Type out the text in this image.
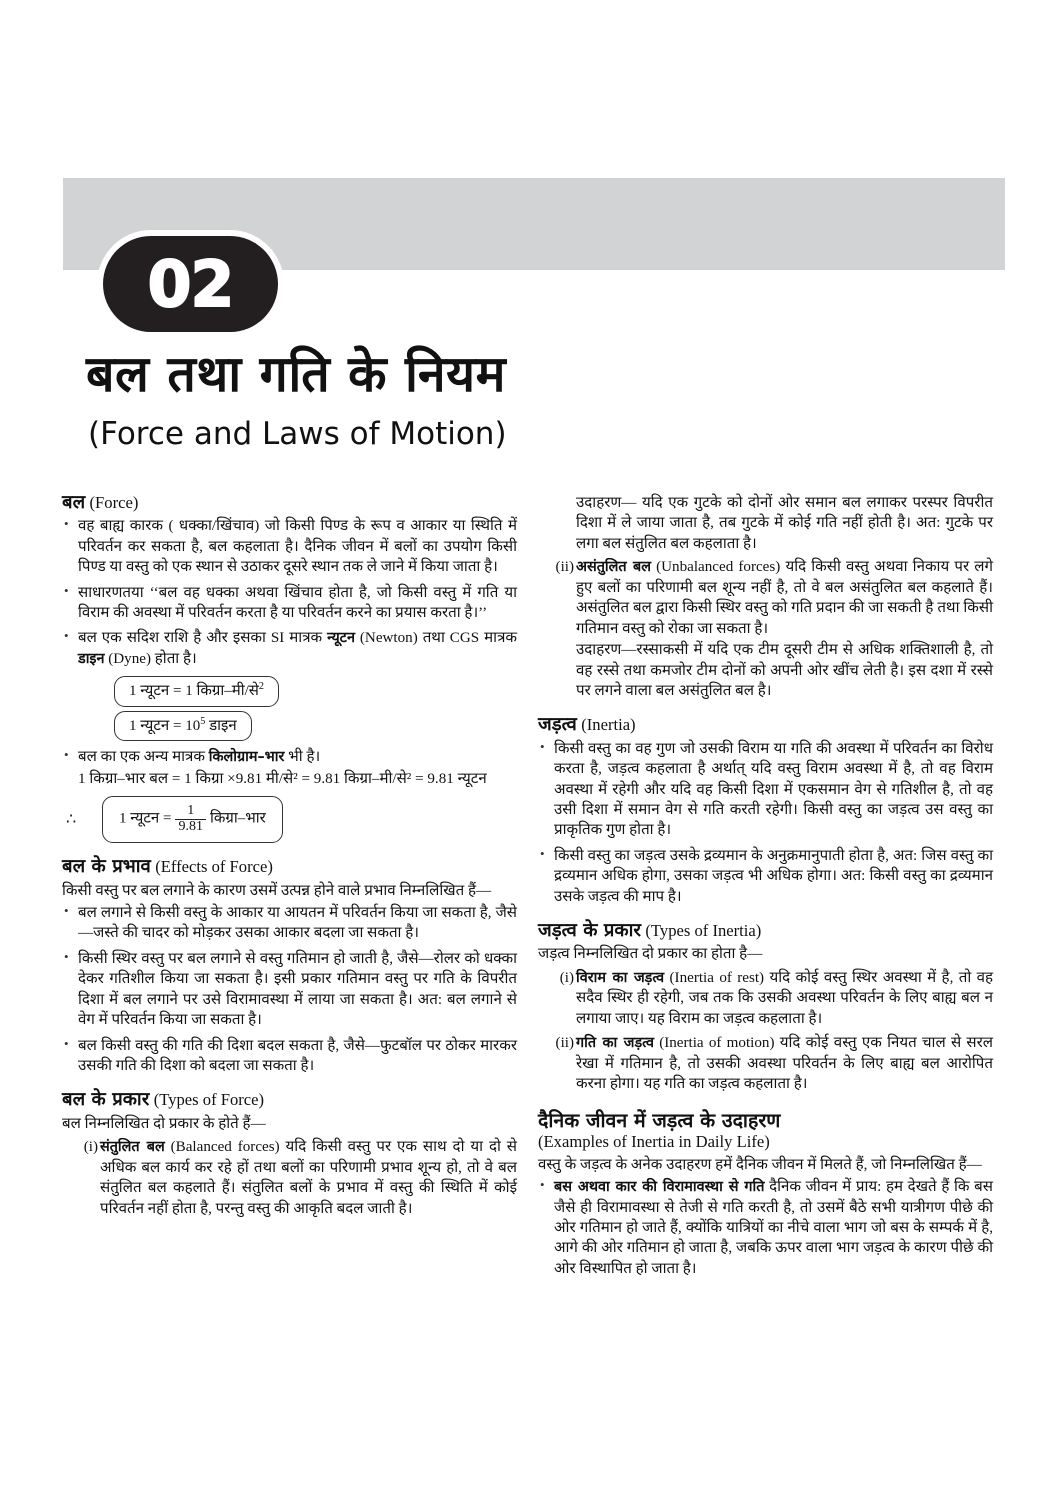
02
बल तथा गति के नियम
(Force and Laws of Motion)
बल (Force)
• वह बाह्य कारक ( धक्का/खिंचाव) जो किसी पिण्ड के रूप व आकार या स्थिति में परिवर्तन कर सकता है, बल कहलाता है। दैनिक जीवन में बलों का उपयोग किसी पिण्ड या वस्तु को एक स्थान से उठाकर दूसरे स्थान तक ले जाने में किया जाता है।
• साधारणतया ‘‘बल वह धक्का अथवा खिंचाव होता है, जो किसी वस्तु में गति या विराम की अवस्था में परिवर्तन करता है या परिवर्तन करने का प्रयास करता है।’’
• बल एक सदिश राशि है और इसका SI मात्रक न्यूटन (Newton) तथा CGS मात्रक डाइन (Dyne) होता है।
1 न्यूटन = 1 किग्रा–मी/से$^2$
1 न्यूटन = $10^5$ डाइन
• बल का एक अन्य मात्रक किलोग्राम–भार भी है।
1 किग्रा–भार बल = 1 किग्रा ×9.81 मी/से² = 9.81 किग्रा–मी/से² = 9.81 न्यूटन
∴	1 न्यूटन = $\frac{1}{9.81}$ किग्रा–भार
बल के प्रभाव (Effects of Force)

किसी वस्तु पर बल लगाने के कारण उसमें उत्पन्न होने वाले प्रभाव निम्नलिखित हैं—

• बल लगाने से किसी वस्तु के आकार या आयतन में परिवर्तन किया जा सकता है, जैसे—जस्ते की चादर को मोड़कर उसका आकार बदला जा सकता है।
• किसी स्थिर वस्तु पर बल लगाने से वस्तु गतिमान हो जाती है, जैसे—रोलर को धक्का देकर गतिशील किया जा सकता है। इसी प्रकार गतिमान वस्तु पर गति के विपरीत दिशा में बल लगाने पर उसे विरामावस्था में लाया जा सकता है। अत: बल लगाने से वेग में परिवर्तन किया जा सकता है।
• बल किसी वस्तु की गति की दिशा बदल सकता है, जैसे—फुटबॉल पर ठोकर मारकर उसकी गति की दिशा को बदला जा सकता है।
बल के प्रकार (Types of Force)

बल निम्नलिखित दो प्रकार के होते हैं—

(i) संतुलित बल (Balanced forces) यदि किसी वस्तु पर एक साथ दो या दो से अधिक बल कार्य कर रहे हों तथा बलों का परिणामी प्रभाव शून्य हो, तो वे बल संतुलित बल कहलाते हैं। संतुलित बलों के प्रभाव में वस्तु की स्थिति में कोई परिवर्तन नहीं होता है, परन्तु वस्तु की आकृति बदल जाती है।

उदाहरण— यदि एक गुटके को दोनों ओर समान बल लगाकर परस्पर विपरीत दिशा में ले जाया जाता है, तब गुटके में कोई गति नहीं होती है। अत: गुटके पर लगा बल संतुलित बल कहलाता है।

(ii) असंतुलित बल (Unbalanced forces) यदि किसी वस्तु अथवा निकाय पर लगे हुए बलों का परिणामी बल शून्य नहीं है, तो वे बल असंतुलित बल कहलाते हैं। असंतुलित बल द्वारा किसी स्थिर वस्तु को गति प्रदान की जा सकती है तथा किसी गतिमान वस्तु को रोका जा सकता है।
उदाहरण—रस्साकसी में यदि एक टीम दूसरी टीम से अधिक शक्तिशाली है, तो वह रस्से तथा कमजोर टीम दोनों को अपनी ओर खींच लेती है। इस दशा में रस्से पर लगने वाला बल असंतुलित बल है।
जड़त्व (Inertia)
• किसी वस्तु का वह गुण जो उसकी विराम या गति की अवस्था में परिवर्तन का विरोध करता है, जड़त्व कहलाता है अर्थात् यदि वस्तु विराम अवस्था में है, तो वह विराम अवस्था में रहेगी और यदि वह किसी दिशा में एकसमान वेग से गतिशील है, तो वह उसी दिशा में समान वेग से गति करती रहेगी। किसी वस्तु का जड़त्व उस वस्तु का प्राकृतिक गुण होता है।
• किसी वस्तु का जड़त्व उसके द्रव्यमान के अनुक्रमानुपाती होता है, अत: जिस वस्तु का द्रव्यमान अधिक होगा, उसका जड़त्व भी अधिक होगा। अत: किसी वस्तु का द्रव्यमान उसके जड़त्व की माप है।
जड़त्व के प्रकार (Types of Inertia)

जड़त्व निम्नलिखित दो प्रकार का होता है—

(i) विराम का जड़त्व (Inertia of rest) यदि कोई वस्तु स्थिर अवस्था में है, तो वह सदैव स्थिर ही रहेगी, जब तक कि उसकी अवस्था परिवर्तन के लिए बाह्य बल न लगाया जाए। यह विराम का जड़त्व कहलाता है।
(ii) गति का जड़त्व (Inertia of motion) यदि कोई वस्तु एक नियत चाल से सरल रेखा में गतिमान है, तो उसकी अवस्था परिवर्तन के लिए बाह्य बल आरोपित करना होगा। यह गति का जड़त्व कहलाता है।
दैनिक जीवन में जड़त्व के उदाहरण
(Examples of Inertia in Daily Life)

वस्तु के जड़त्व के अनेक उदाहरण हमें दैनिक जीवन में मिलते हैं, जो निम्नलिखित हैं—

• बस अथवा कार की विरामावस्था से गति दैनिक जीवन में प्राय: हम देखते हैं कि बस जैसे ही विरामावस्था से तेजी से गति करती है, तो उसमें बैठे सभी यात्रीगण पीछे की ओर गतिमान हो जाते हैं, क्योंकि यात्रियों का नीचे वाला भाग जो बस के सम्पर्क में है, आगे की ओर गतिमान हो जाता है, जबकि ऊपर वाला भाग जड़त्व के कारण पीछे की ओर विस्थापित हो जाता है।
